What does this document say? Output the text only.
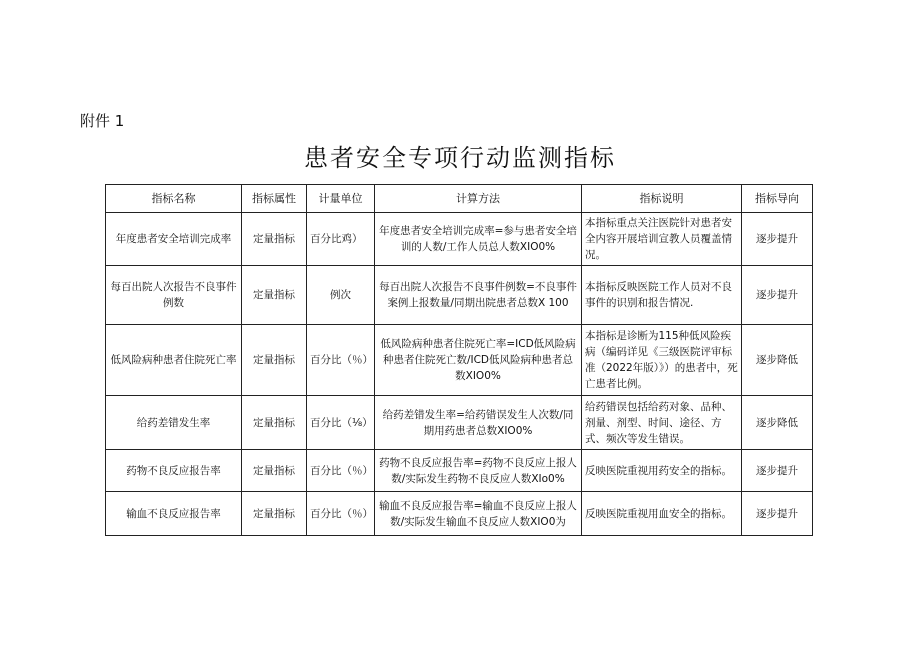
附件 1
患者安全专项行动监测指标
指标名称	指标属性	计量单位	计算方法	指标说明	指标导向
年度患者安全培训完成率	定量指标	百分比鸡）	年度患者安全培训完成率=参与患者安全培训的人数/工作人员总人数XIO0%	本指标重点关注医院针对患者安全内容开展培训宣教人员覆盖情况。	逐步提升
每百出院人次报告不良事件例数	定量指标	例次	每百出院人次报告不良事件例数=不良事件案例上报数量/同期出院患者总数X 100	本指标反映医院工作人员对不良事件的识别和报告情况.	逐步提升
低风险病种患者住院死亡率	定量指标	百分比（％）	低风险病种患者住院死亡率=ICD低风险病种患者住院死亡数/ICD低风险病种患者总数XIO0%	本指标是诊断为115种低风险疾病（编码详见《三级医院评审标准（2022年版）》）的患者中，死亡患者比例。	逐步降低
给药差错发生率	定量指标	百分比（⅛）	给药差错发生率=给药错误发生人次数/同期用药患者总数XIO0%	给药错误包括给药对象、品种、剂量、剂型、时间、途径、方式、频次等发生错误。	逐步降低
药物不良反应报告率	定量指标	百分比（％）	药物不良反应报告率=药物不良反应上报人数/实际发生药物不良反应人数XIo0%	反映医院重视用药安全的指标。	逐步提升
输血不良反应报告率	定量指标	百分比（％）	输血不良反应报告率=输血不良反应上报人数/实际发生输血不良反应人数XIO0为	反映医院重视用血安全的指标。	逐步提升
